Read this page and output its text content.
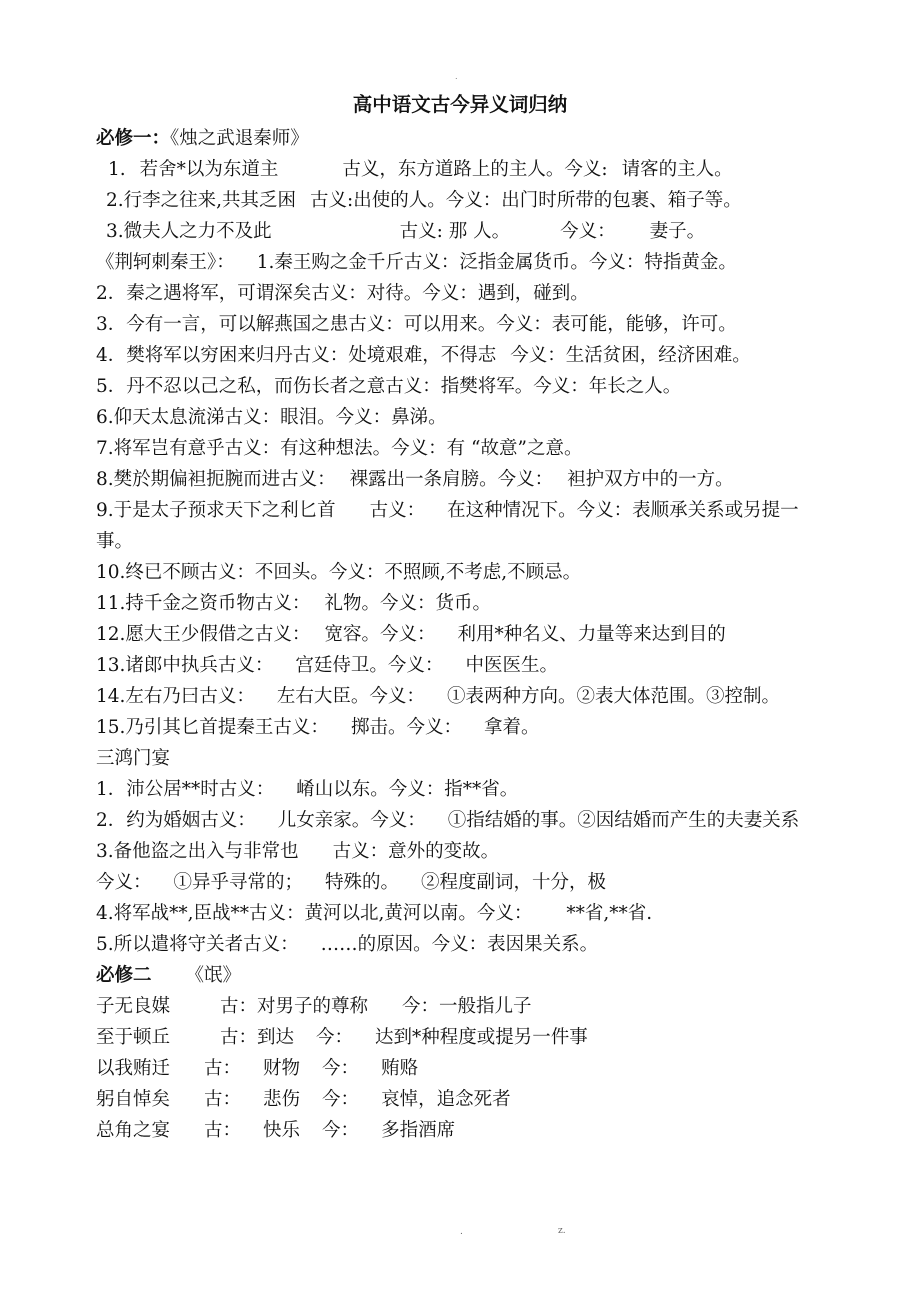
.
高中语文古今异义词归纳
必修一：《烛之武退秦师》
1. 若舍*以为东道主	古义，东方道路上的主人。今义: 请客的主人。
2.行李之往来,共其乏困 古义:出使的人。今义：出门时所带的包裹、箱子等。
3.微夫人之力不及此	古义: 那 人。	今义： 妻子。
《荆轲刺秦王》： 1.秦王购之金千斤古义：泛指金属货币。今义：特指黄金。
2．秦之遇将军，可谓深矣古义：对待。今义：遇到，碰到。
3．今有一言，可以解燕国之患古义：可以用来。今义：表可能，能够，许可。
4．樊将军以穷困来归丹古义：处境艰难，不得志 今义：生活贫困，经济困难。
5．丹不忍以己之私，而伤长者之意古义：指樊将军。今义：年长之人。
6.仰天太息流涕古义：眼泪。今义：鼻涕。
7.将军岂有意乎古义：有这种想法。今义：有 “故意”之意。
8.樊於期偏袒扼腕而进古义： 裸露出一条肩膀。今义： 袒护双方中的一方。
9.于是太子预求天下之利匕首 古义： 在这种情况下。今义：表顺承关系或另提一事。
10.终已不顾古义：不回头。今义：不照顾,不考虑,不顾忌。
11.持千金之资币物古义： 礼物。今义：货币。
12.愿大王少假借之古义： 宽容。今义： 利用*种名义、力量等来达到目的
13.诸郎中执兵古义： 宫廷侍卫。今义： 中医医生。
14.左右乃曰古义： 左右大臣。今义： ①表两种方向。②表大体范围。③控制。
15.乃引其匕首提秦王古义： 掷击。今义： 拿着。
三鸿门宴
1．沛公居**时古义： 崤山以东。今义：指**省。
2．约为婚姻古义： 儿女亲家。今义： ①指结婚的事。②因结婚而产生的夫妻关系
3.备他盗之出入与非常也 古义：意外的变故。
今义： ①异乎寻常的； 特殊的。 ②程度副词，十分，极
4.将军战**,臣战**古义：黄河以北,黄河以南。今义： **省,**省.
5.所以遣将守关者古义： ……的原因。今义：表因果关系。
必修二 《氓》
子无良媒	古：对男子的尊称 今：一般指儿子
至于顿丘	古：到达 今： 达到*种程度或提另一件事
以我贿迁 古： 财物 今： 贿赂
躬自悼矣 古： 悲伤 今： 哀悼，追念死者
总角之宴 古： 快乐 今： 多指酒席
.	z.
